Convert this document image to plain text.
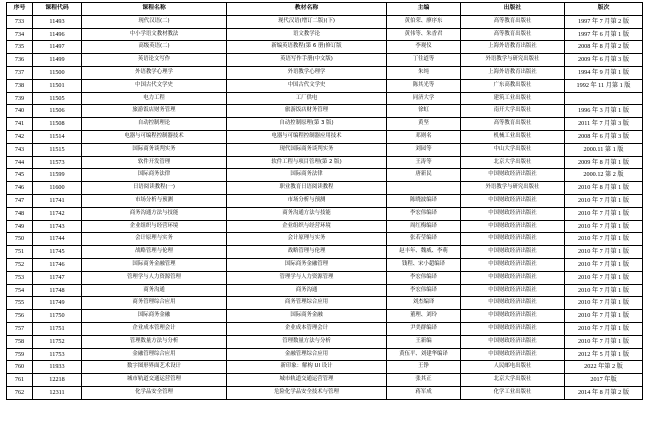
序号	课程代码	课程名称	教材名称	主编	出版社	版次
733	11493	现代汉语(二)	现代汉语(增订二版)(下)	黄伯荣、廖序东	高等教育出版社	1997 年 7 月第 2 版
734	11496	中小学语文教材教法	语文教学论	黄伟等、朱香君	高等教育出版社	1997 年 6 月第 1 版
735	11497	高级英语(二)	新编英语教程(第 6 册)修订版	李观仪	上海外语教育出版社	2008 年 8 月第 2 版
736	11499	英语论文写作	英语写作手册(中文版)	丁往道等	外语教学与研究出版社	2009 年 6 月第 3 版
737	11500	外语教学心理学	外语教学心理学	朱纯	上海外语教育出版社	1994 年 9 月第 1 版
738	11501	中国古代文学史	中国古代文学史	陈其光等	广东高教出版社	1992 年 11 月第 1 版
739	11505	电力工程	工厂供电	同济大学	建筑工业出版社	
740	11506	旅游饭店财务管理	旅游饭店财务管理	徐虹	南开大学出版社	1996 年 3 月第 1 版
741	11508	自动控制理论	自动控制原理(第 3 版)	黄坚	高等教育出版社	2011 年 7 月第 3 版
742	11514	电器与可编程控制器技术	电器与可编程控制器应用技术	邓则名	机械工业出版社	2008 年 6 月第 3 版
743	11515	国际商务谈判实务	现代国际商务谈判实务	刘园等	中山大学出版社	2000.11 第 1 版
744	11573	软件开发管理	软件工程与项目管理(第 2 版)	王涛等	北京大学出版社	2009 年 8 月第 1 版
745	11599	国际商务法律	国际商务法律	唐新民	中国财政经济出版社	2000.12 第 2 版
746	11600	日语阅读教程(一)	职业教育日语阅读教程		外语教学与研究出版社	2010 年 8 月第 1 版
747	11741	市场分析与预测	市场分析与预测	陈晓波编译	中国财政经济出版社	2010 年 7 月第 1 版
748	11742	商务沟通方法与技能	商务沟通方法与技能	李宏伟编译	中国财政经济出版社	2010 年 7 月第 1 版
749	11743	企业组织与经营环境	企业组织与经营环境	周红梅编译	中国财政经济出版社	2010 年 7 月第 1 版
750	11744	会计原理与实务	会计原理与实务	张若莹编译	中国财政经济出版社	2010 年 7 月第 1 版
751	11745	战略管理与伦理	战略管理与伦理	赵丰年、魏威、李萌	中国财政经济出版社	2010 年 7 月第 1 版
752	11746	国际商务金融管理	国际商务金融管理	钱程、宋小超编译	中国财政经济出版社	2010 年 7 月第 1 版
753	11747	管理学与人力资源管理	管理学与人力资源管理	李宏伟编译	中国财政经济出版社	2010 年 7 月第 1 版
754	11748	商务沟通	商务沟通	李宏伟编译	中国财政经济出版社	2010 年 7 月第 1 版
755	11749	商务管理综合应用	商务管理综合应用	刘杰编译	中国财政经济出版社	2010 年 7 月第 1 版
756	11750	国际商务金融	国际商务金融	董理、刘玲	中国财政经济出版社	2010 年 7 月第 1 版
757	11751	企业成本管理会计	企业成本管理会计	尹美群编译	中国财政经济出版社	2010 年 7 月第 1 版
758	11752	管理数量方法与分析	管理数量方法与分析	王新编	中国财政经济出版社	2010 年 7 月第 1 版
759	11753	金融管理综合应用	金融管理综合应用	黄伍平、刘建华编译	中国财政经济出版社	2012 年 5 月第 1 版
760	11933	数字图形界面艺术设计	新印象：解构 UI 设计	王铮	人民邮电出版社	2022 年第 2 版
761	12218	城市轨道交通运营管理	城市轨道交通运营管理	张其正	北京大学出版社	2017 年版
762	12311	化学品安全管理	危险化学品安全技术与管理	蒋军成	化学工业出版社	2014 年 8 月第 2 版
